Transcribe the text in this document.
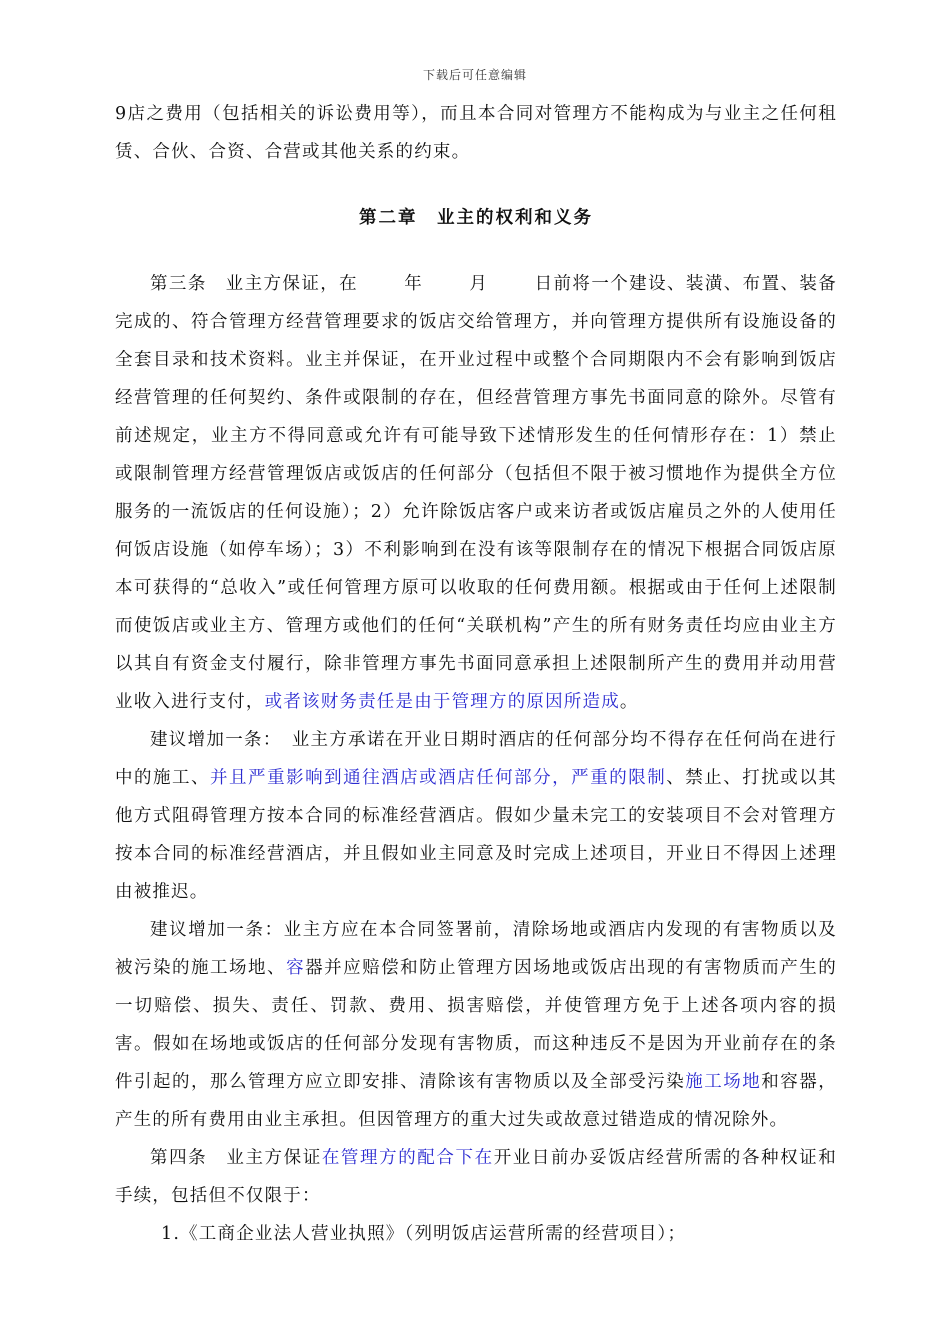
下载后可任意编辑

9店之费用（包括相关的诉讼费用等），而且本合同对管理方不能构成为与业主之任何租赁、合伙、合资、合营或其他关系的约束。

第二章　业主的权利和义务

第三条　业主方保证，在	年	月	日前将一个建设、装潢、布置、装备完成的、符合管理方经营管理要求的饭店交给管理方，并向管理方提供所有设施设备的全套目录和技术资料。业主并保证，在开业过程中或整个合同期限内不会有影响到饭店经营管理的任何契约、条件或限制的存在，但经营管理方事先书面同意的除外。尽管有前述规定，业主方不得同意或允许有可能导致下述情形发生的任何情形存在：1）禁止或限制管理方经营管理饭店或饭店的任何部分（包括但不限于被习惯地作为提供全方位服务的一流饭店的任何设施）；2）允许除饭店客户或来访者或饭店雇员之外的人使用任何饭店设施（如停车场）；3）不利影响到在没有该等限制存在的情况下根据合同饭店原本可获得的“总收入”或任何管理方原可以收取的任何费用额。根据或由于任何上述限制而使饭店或业主方、管理方或他们的任何“关联机构”产生的所有财务责任均应由业主方以其自有资金支付履行，除非管理方事先书面同意承担上述限制所产生的费用并动用营业收入进行支付，或者该财务责任是由于管理方的原因所造成。

建议增加一条：　业主方承诺在开业日期时酒店的任何部分均不得存在任何尚在进行中的施工、并且严重影响到通往酒店或酒店任何部分，严重的限制、禁止、打扰或以其他方式阻碍管理方按本合同的标准经营酒店。假如少量未完工的安装项目不会对管理方按本合同的标准经营酒店，并且假如业主同意及时完成上述项目，开业日不得因上述理由被推迟。

建议增加一条：业主方应在本合同签署前，清除场地或酒店内发现的有害物质以及被污染的施工场地、容器并应赔偿和防止管理方因场地或饭店出现的有害物质而产生的一切赔偿、损失、责任、罚款、费用、损害赔偿，并使管理方免于上述各项内容的损害。假如在场地或饭店的任何部分发现有害物质，而这种违反不是因为开业前存在的条件引起的，那么管理方应立即安排、清除该有害物质以及全部受污染施工场地和容器，产生的所有费用由业主承担。但因管理方的重大过失或故意过错造成的情况除外。

第四条　业主方保证在管理方的配合下在开业日前办妥饭店经营所需的各种权证和手续，包括但不仅限于：

1.《工商企业法人营业执照》（列明饭店运营所需的经营项目）；
